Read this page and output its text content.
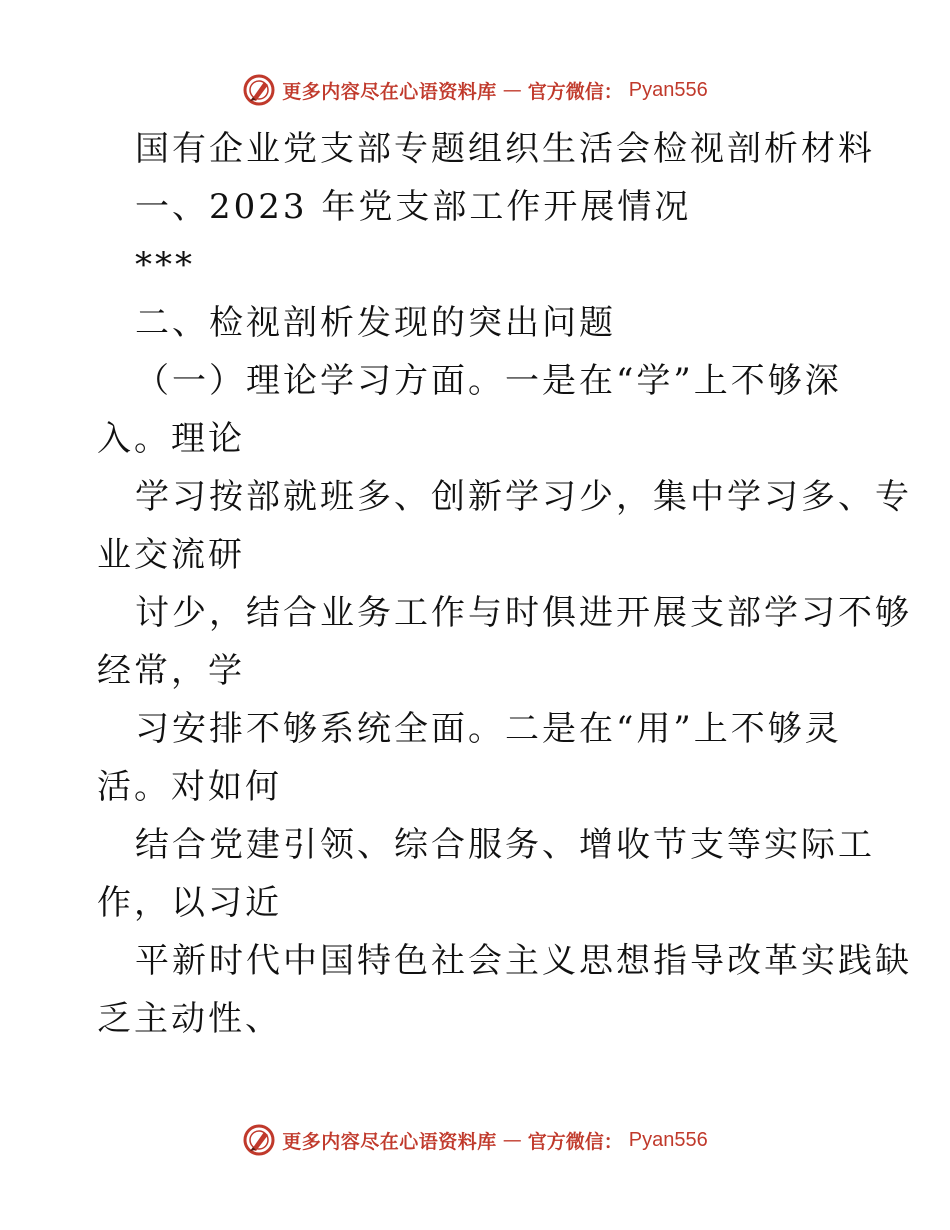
更多内容尽在心语资料库 — 官方微信： Pyan556
国有企业党支部专题组织生活会检视剖析材料
一、2023 年党支部工作开展情况
***
二、检视剖析发现的突出问题
（一）理论学习方面。一是在“学”上不够深
入。理论
学习按部就班多、创新学习少，集中学习多、专
业交流研
讨少，结合业务工作与时俱进开展支部学习不够
经常，学
习安排不够系统全面。二是在“用”上不够灵
活。对如何
结合党建引领、综合服务、增收节支等实际工
作，以习近
平新时代中国特色社会主义思想指导改革实践缺
乏主动性、
更多内容尽在心语资料库 — 官方微信： Pyan556
